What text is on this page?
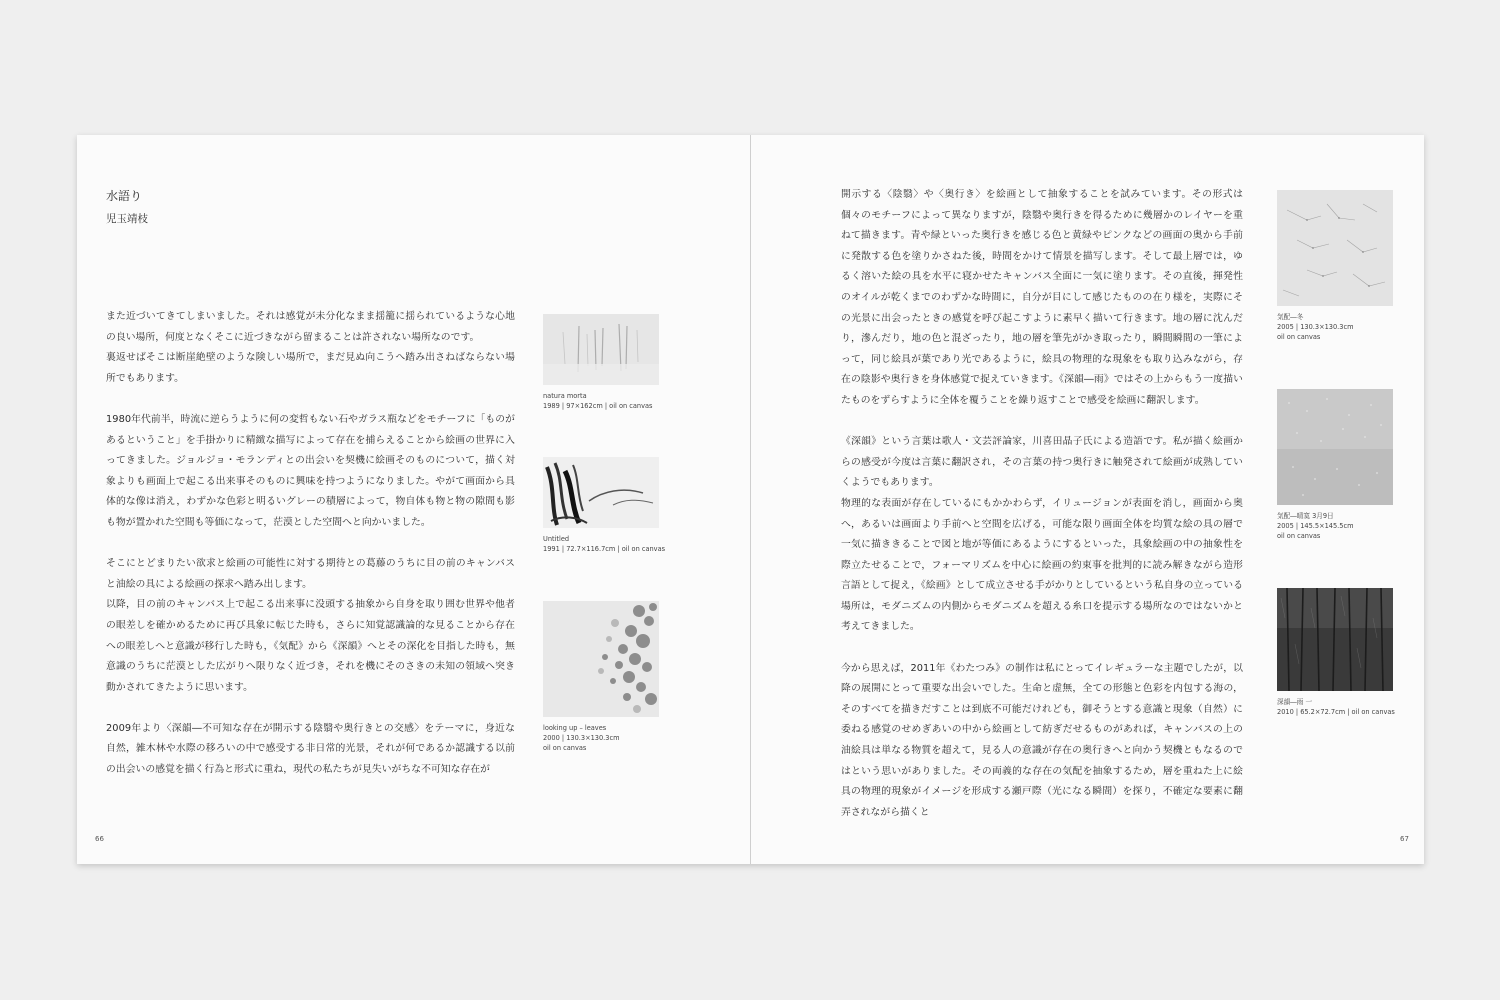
水語り
児玉靖枝

また近づいてきてしまいました。それは感覚が未分化なまま揺籠に揺られているような心地の良い場所，何度となくそこに近づきながら留まることは許されない場所なのです。

裏返せばそこは断崖絶壁のような険しい場所で，まだ見ぬ向こうへ踏み出さねばならない場所でもあります。

1980年代前半，時流に逆らうように何の変哲もない石やガラス瓶などをモチーフに「ものがあるということ」を手掛かりに精緻な描写によって存在を捕らえることから絵画の世界に入ってきました。ジョルジョ・モランディとの出会いを契機に絵画そのものについて，描く対象よりも画面上で起こる出来事そのものに興味を持つようになりました。やがて画面から具体的な像は消え，わずかな色彩と明るいグレーの積層によって，物自体も物と物の隙間も影も物が置かれた空間も等価になって，茫漠とした空間へと向かいました。

そこにとどまりたい欲求と絵画の可能性に対する期待との葛藤のうちに目の前のキャンバスと油絵の具による絵画の探求へ踏み出します。

以降，目の前のキャンバス上で起こる出来事に没頭する抽象から自身を取り囲む世界や他者の眼差しを確かめるために再び具象に転じた時も，さらに知覚認識論的な見ることから存在への眼差しへと意識が移行した時も，《気配》から《深韻》へとその深化を目指した時も，無意識のうちに茫漠とした広がりへ限りなく近づき，それを機にそのさきの未知の領域へ突き動かされてきたように思います。

2009年より〈深韻―不可知な存在が開示する陰翳や奥行きとの交感〉をテーマに，身近な自然，雑木林や水際の移ろいの中で感受する非日常的光景，それが何であるか認識する以前の出会いの感覚を描く行為と形式に重ね，現代の私たちが見失いがちな不可知な存在が

natura morta
1989 | 97×162cm | oil on canvas
Untitled
1991 | 72.7×116.7cm | oil on canvas
looking up – leaves
2000 | 130.3×130.3cm
oil on canvas
66

開示する〈陰翳〉や〈奥行き〉を絵画として抽象することを試みています。その形式は個々のモチーフによって異なりますが，陰翳や奥行きを得るために幾層かのレイヤーを重ねて描きます。青や緑といった奥行きを感じる色と黄緑やピンクなどの画面の奥から手前に発散する色を塗りかさねた後，時間をかけて情景を描写します。そして最上層では，ゆるく溶いた絵の具を水平に寝かせたキャンバス全面に一気に塗ります。その直後，揮発性のオイルが乾くまでのわずかな時間に，自分が目にして感じたものの在り様を，実際にその光景に出会ったときの感覚を呼び起こすように素早く描いて行きます。地の層に沈んだり，滲んだり，地の色と混ざったり，地の層を筆先がかき取ったり，瞬間瞬間の一筆によって，同じ絵具が葉であり光であるように，絵具の物理的な現象をも取り込みながら，存在の陰影や奥行きを身体感覚で捉えていきます。《深韻―雨》ではその上からもう一度描いたものをずらすように全体を覆うことを繰り返すことで感受を絵画に翻訳します。

《深韻》という言葉は歌人・文芸評論家，川喜田晶子氏による造語です。私が描く絵画からの感受が今度は言葉に翻訳され，その言葉の持つ奥行きに触発されて絵画が成熟していくようでもあります。

物理的な表面が存在しているにもかかわらず，イリュージョンが表面を消し，画面から奥へ，あるいは画面より手前へと空間を広げる，可能な限り画面全体を均質な絵の具の層で一気に描ききることで図と地が等価にあるようにするといった，具象絵画の中の抽象性を際立たせることで，フォーマリズムを中心に絵画の約束事を批判的に読み解きながら造形言語として捉え，《絵画》として成立させる手がかりとしているという私自身の立っている場所は，モダニズムの内側からモダニズムを超える糸口を提示する場所なのではないかと考えてきました。

今から思えば，2011年《わたつみ》の制作は私にとってイレギュラーな主題でしたが，以降の展開にとって重要な出会いでした。生命と虚無，全ての形態と色彩を内包する海の，そのすべてを描きだすことは到底不可能だけれども，御そうとする意識と現象（自然）に委ねる感覚のせめぎあいの中から絵画として紡ぎだせるものがあれば，キャンバスの上の油絵具は単なる物質を超えて，見る人の意識が存在の奥行きへと向かう契機ともなるのではという思いがありました。その両義的な存在の気配を抽象するため，層を重ねた上に絵具の物理的現象がイメージを形成する瀬戸際（光になる瞬間）を探り，不確定な要素に翻弄されながら描くと

気配―冬
2005 | 130.3×130.3cm
oil on canvas
気配―晴寞 3月9日
2005 | 145.5×145.5cm
oil on canvas
深韻―雨 一
2010 | 65.2×72.7cm | oil on canvas
67
